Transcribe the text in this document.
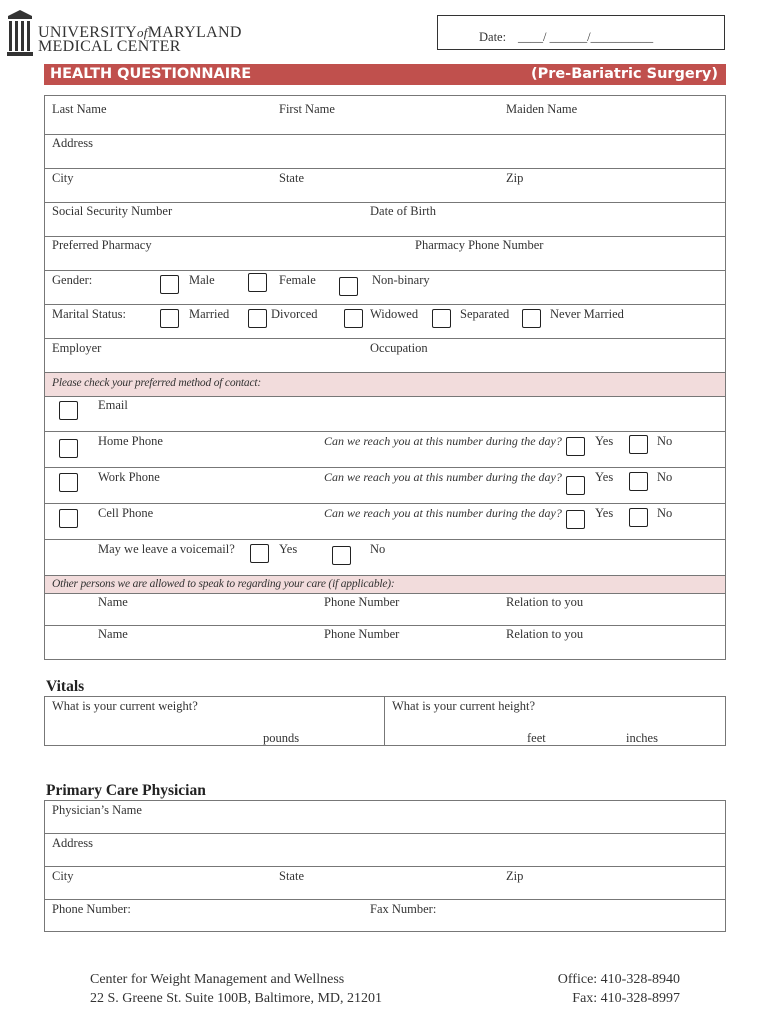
UNIVERSITYofMARYLAND
MEDICAL CENTER
Date: ____/ ______/__________
HEALTH QUESTIONNAIRE	(Pre-Bariatric Surgery)
Last Name	First Name	Maiden Name
Address
City	State	Zip
Social Security Number	Date of Birth
Preferred Pharmacy	Pharmacy Phone Number
Gender:	Male	Female	Non-binary
Marital Status:	Married	Divorced	Widowed	Separated	Never Married
Employer	Occupation
Please check your preferred method of contact:
Email
Home Phone	Can we reach you at this number during the day?	Yes	No
Work Phone	Can we reach you at this number during the day?	Yes	No
Cell Phone	Can we reach you at this number during the day?	Yes	No
May we leave a voicemail?	Yes	No
Other persons we are allowed to speak to regarding your care (if applicable):
Name	Phone Number	Relation to you
Name	Phone Number	Relation to you
Vitals
What is your current weight?
pounds
What is your current height?
feet	inches
Primary Care Physician
Physician’s Name
Address
City	State	Zip
Phone Number:	Fax Number:
Center for Weight Management and Wellness
22 S. Greene St. Suite 100B, Baltimore, MD, 21201
Office: 410-328-8940
Fax: 410-328-8997
